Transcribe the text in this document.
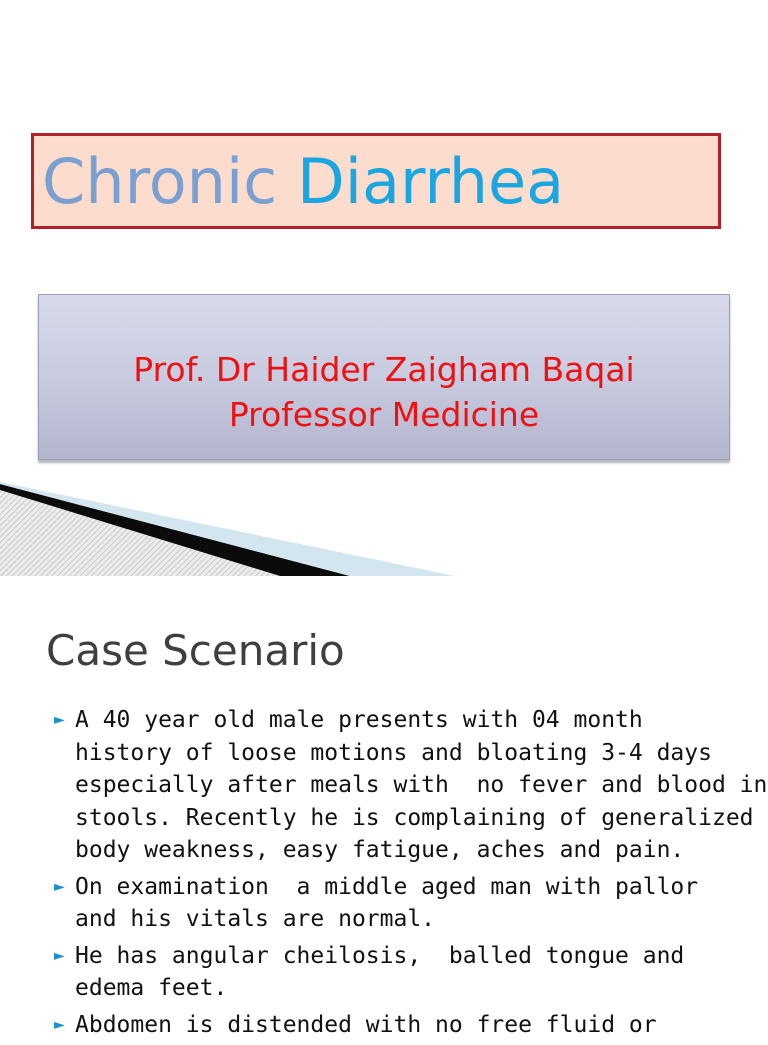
Chronic Diarrhea
Prof. Dr Haider Zaigham Baqai
Professor Medicine
Case Scenario
► A 40 year old male presents with 04 month
history of loose motions and bloating 3-4 days
especially after meals with  no fever and blood in
stools. Recently he is complaining of generalized
body weakness, easy fatigue, aches and pain.
► On examination  a middle aged man with pallor
and his vitals are normal.
► He has angular cheilosis,  balled tongue and
edema feet.
► Abdomen is distended with no free fluid or
